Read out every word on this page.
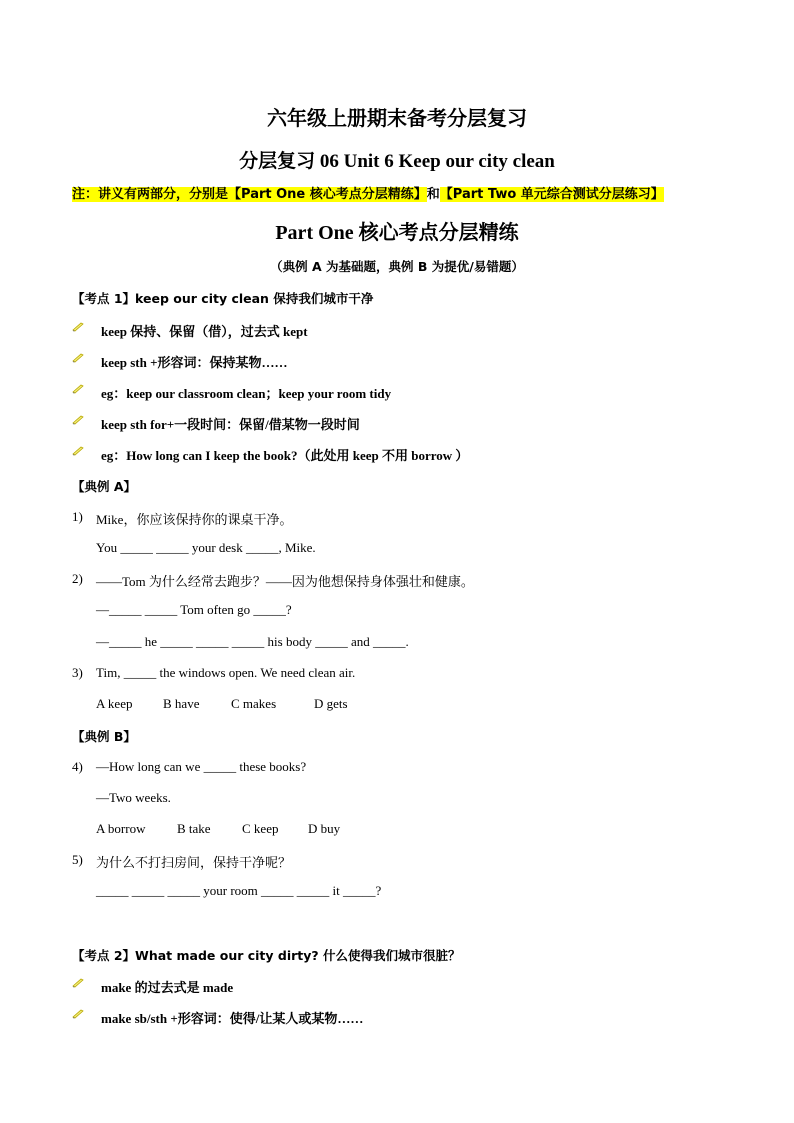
六年级上册期末备考分层复习
分层复习 06 Unit 6 Keep our city clean
注：讲义有两部分，分别是【Part One 核心考点分层精练】和【Part Two 单元综合测试分层练习】
Part One 核心考点分层精练
（典例 A 为基础题，典例 B 为提优/易错题）
【考点 1】keep our city clean 保持我们城市干净
keep 保持、保留（借），过去式 kept
keep sth +形容词：保持某物……
eg：keep our classroom clean；keep your room tidy
keep sth for+一段时间：保留/借某物一段时间
eg：How long can I keep the book?（此处用 keep 不用 borrow ）
【典例 A】
1) Mike，你应该保持你的课桌干净。
You _____ _____ your desk _____, Mike.
2) ——Tom 为什么经常去跑步？——因为他想保持身体强壮和健康。
—_____ _____ Tom often go _____?
—_____ he _____ _____ _____ his body _____ and _____.
3) Tim, _____ the windows open. We need clean air.
A keep B have C makes	D gets
【典例 B】
4) —How long can we _____ these books?
—Two weeks.
A borrow B take C keep D buy
5) 为什么不打扫房间，保持干净呢？
_____ _____ _____ your room _____ _____ it _____?
【考点 2】What made our city dirty? 什么使得我们城市很脏？
make 的过去式是 made
make sb/sth +形容词：使得/让某人或某物……
